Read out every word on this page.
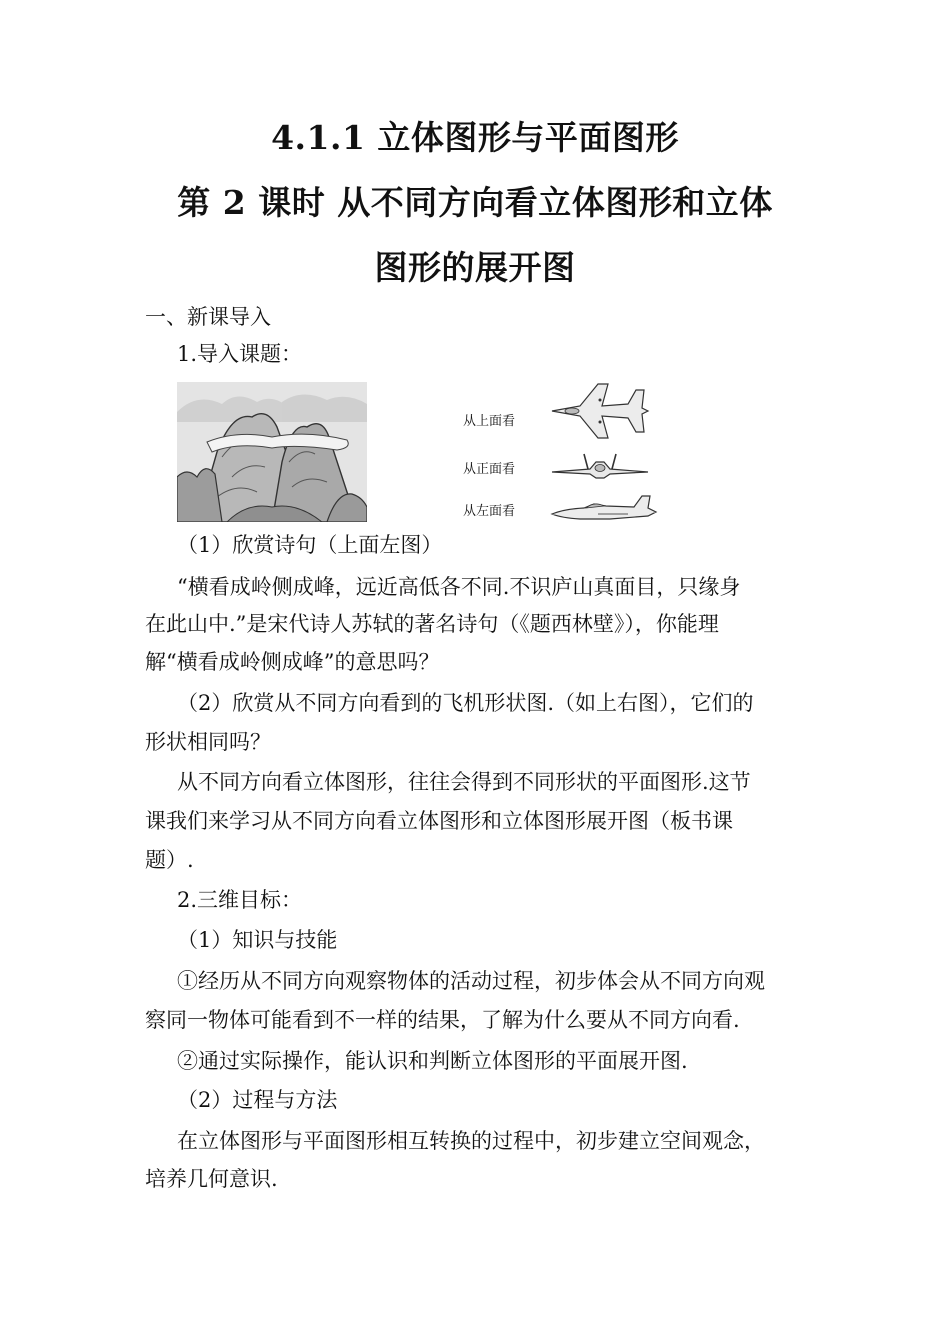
4.1.1 立体图形与平面图形
第 2 课时 从不同方向看立体图形和立体
图形的展开图
一、新课导入
1.导入课题：
从上面看
从正面看
从左面看
（1）欣赏诗句（上面左图）
“横看成岭侧成峰，远近高低各不同.不识庐山真面目，只缘身
在此山中.”是宋代诗人苏轼的著名诗句（《题西林壁》），你能理
解“横看成岭侧成峰”的意思吗？
（2）欣赏从不同方向看到的飞机形状图.（如上右图），它们的
形状相同吗？
从不同方向看立体图形，往往会得到不同形状的平面图形.这节
课我们来学习从不同方向看立体图形和立体图形展开图（板书课
题）.
2.三维目标：
（1）知识与技能
①经历从不同方向观察物体的活动过程，初步体会从不同方向观
察同一物体可能看到不一样的结果，了解为什么要从不同方向看.
②通过实际操作，能认识和判断立体图形的平面展开图.
（2）过程与方法
在立体图形与平面图形相互转换的过程中，初步建立空间观念，
培养几何意识.
